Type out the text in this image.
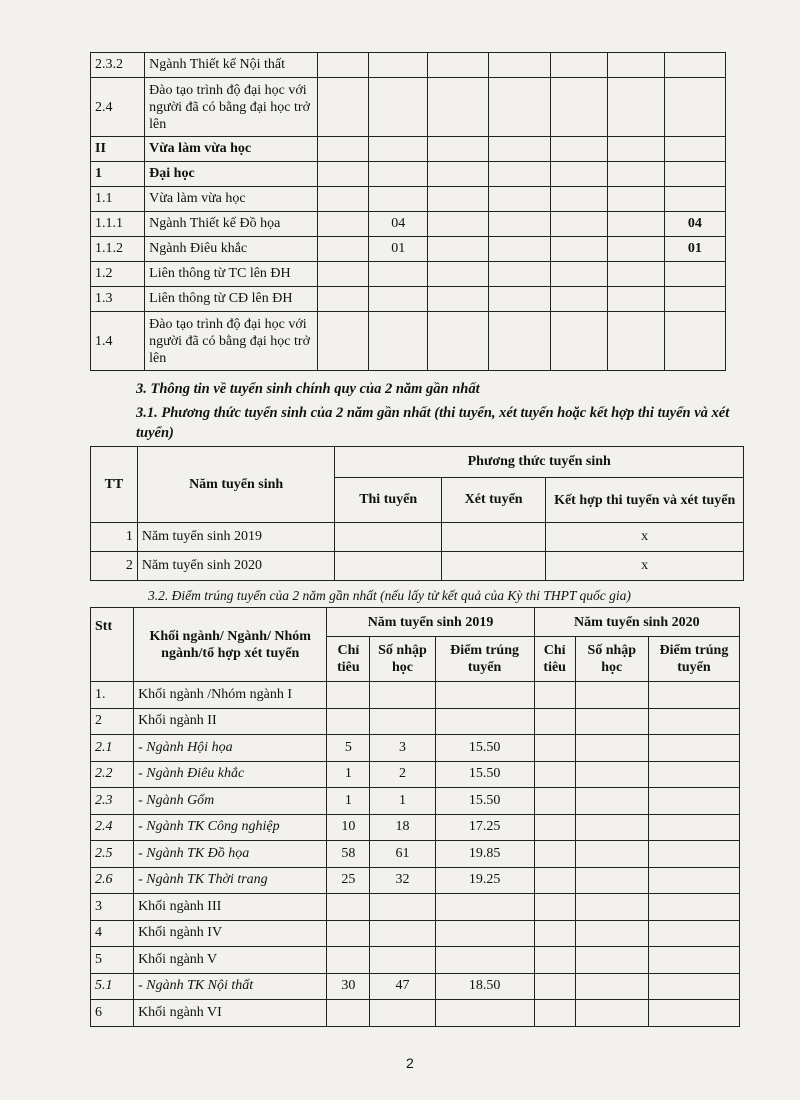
2.3.2	Ngành Thiết kế Nội thất							
2.4	Đào tạo trình độ đại học với người đã có bằng đại học trở lên							
II	Vừa làm vừa học							
1	Đại học							
1.1	Vừa làm vừa học							
1.1.1	Ngành Thiết kế Đồ họa		04					04
1.1.2	Ngành Điêu khắc		01					01
1.2	Liên thông từ TC lên ĐH							
1.3	Liên thông từ CĐ lên ĐH							
1.4	Đào tạo trình độ đại học với người đã có bằng đại học trở lên							
3. Thông tin về tuyển sinh chính quy của 2 năm gần nhất
3.1. Phương thức tuyển sinh của 2 năm gần nhất (thi tuyển, xét tuyển hoặc kết hợp thi tuyển và xét tuyển)
TT	Năm tuyển sinh	Phương thức tuyển sinh		
		Thi tuyển	Xét tuyển	Kết hợp thi tuyển và xét tuyển
1	Năm tuyển sinh 2019			x
2	Năm tuyển sinh 2020			x
3.2. Điểm trúng tuyển của 2 năm gần nhất (nếu lấy từ kết quả của Kỳ thi THPT quốc gia)
Stt	Khối ngành/ Ngành/ Nhóm ngành/tổ hợp xét tuyển	Năm tuyển sinh 2019			Năm tuyển sinh 2020		
		Chỉ tiêu	Số nhập học	Điểm trúng tuyển	Chỉ tiêu	Số nhập học	Điểm trúng tuyển
1.	Khối ngành /Nhóm ngành I						
2	Khối ngành II						
2.1	- Ngành Hội họa	5	3	15.50			
2.2	- Ngành Điêu khắc	1	2	15.50			
2.3	- Ngành Gốm	1	1	15.50			
2.4	- Ngành TK Công nghiệp	10	18	17.25			
2.5	- Ngành TK Đồ họa	58	61	19.85			
2.6	- Ngành TK Thời trang	25	32	19.25			
3	Khối ngành III						
4	Khối ngành IV						
5	Khối ngành V						
5.1	- Ngành TK Nội thất	30	47	18.50			
6	Khối ngành VI						
2
